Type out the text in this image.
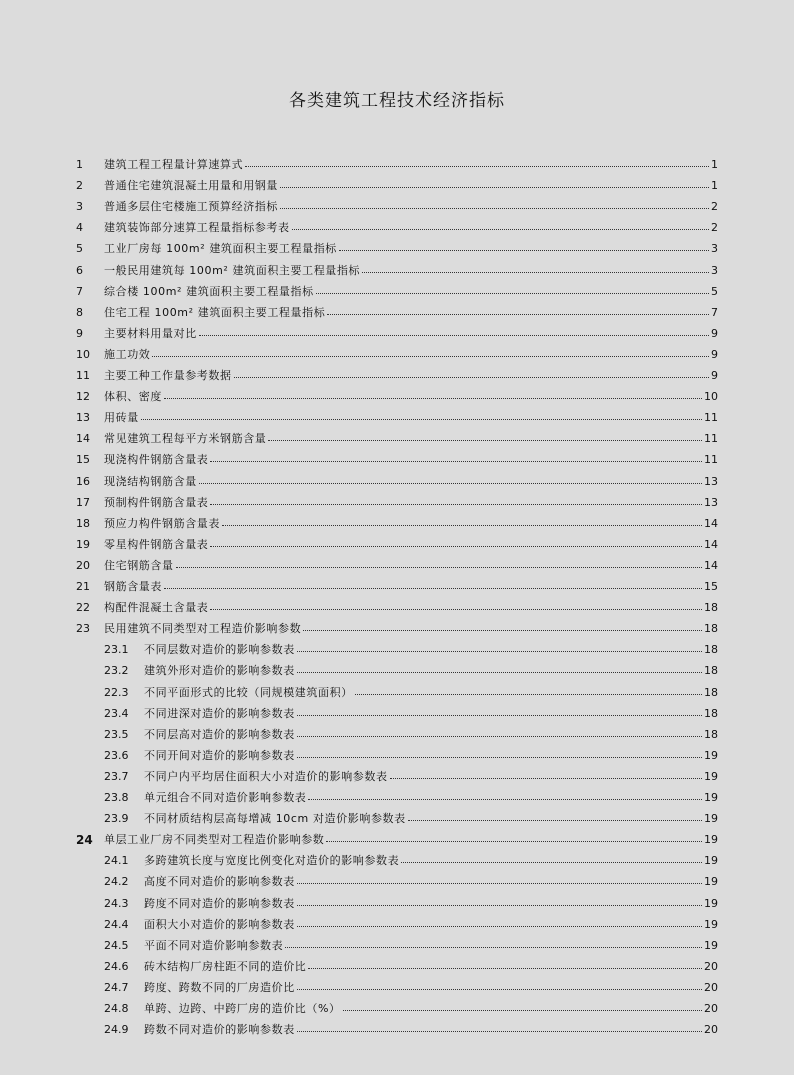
各类建筑工程技术经济指标
1 建筑工程工程量计算速算式	1
2 普通住宅建筑混凝土用量和用钢量	1
3 普通多层住宅楼施工预算经济指标	2
4 建筑装饰部分速算工程量指标参考表	2
5 工业厂房每 100m² 建筑面积主要工程量指标	3
6 一般民用建筑每 100m² 建筑面积主要工程量指标	3
7 综合楼 100m² 建筑面积主要工程量指标	5
8 住宅工程 100m² 建筑面积主要工程量指标	7
9 主要材料用量对比	9
10 施工功效	9
11 主要工种工作量参考数据	9
12 体积、密度	10
13 用砖量	11
14 常见建筑工程每平方米钢筋含量	11
15 现浇构件钢筋含量表	11
16 现浇结构钢筋含量	13
17 预制构件钢筋含量表	13
18 预应力构件钢筋含量表	14
19 零星构件钢筋含量表	14
20 住宅钢筋含量	14
21 钢筋含量表	15
22 构配件混凝土含量表	18
23 民用建筑不同类型对工程造价影响参数	18
23.1 不同层数对造价的影响参数表	18
23.2 建筑外形对造价的影响参数表	18
22.3 不同平面形式的比较（同规模建筑面积）	18
23.4 不同进深对造价的影响参数表	18
23.5 不同层高对造价的影响参数表	18
23.6 不同开间对造价的影响参数表	19
23.7 不同户内平均居住面积大小对造价的影响参数表	19
23.8 单元组合不同对造价影响参数表	19
23.9 不同材质结构层高每增减 10cm 对造价影响参数表	19
24 单层工业厂房不同类型对工程造价影响参数	19
24.1 多跨建筑长度与宽度比例变化对造价的影响参数表	19
24.2 高度不同对造价的影响参数表	19
24.3 跨度不同对造价的影响参数表	19
24.4 面积大小对造价的影响参数表	19
24.5 平面不同对造价影响参数表	19
24.6 砖木结构厂房柱距不同的造价比	20
24.7 跨度、跨数不同的厂房造价比	20
24.8 单跨、边跨、中跨厂房的造价比（%）	20
24.9 跨数不同对造价的影响参数表	20
